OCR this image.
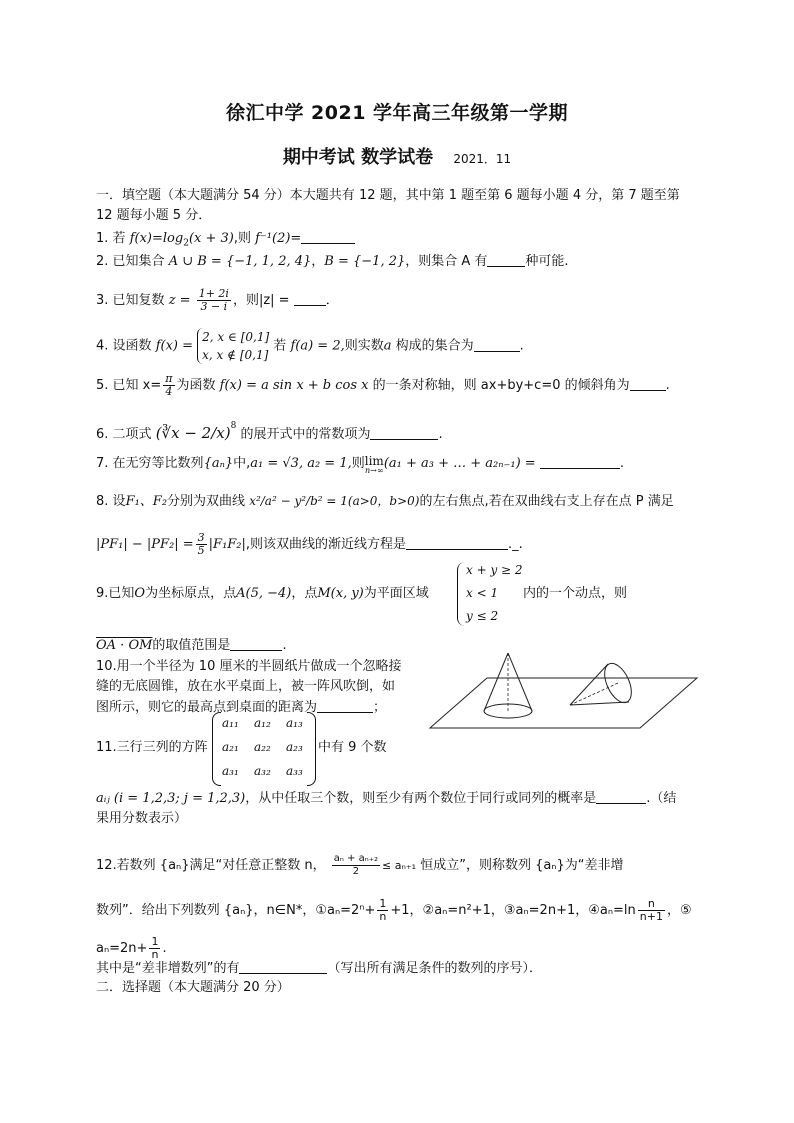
徐汇中学 2021 学年高三年级第一学期
期中考试 数学试卷 2021．11
一．填空题（本大题满分 54 分）本大题共有 12 题，其中第 1 题至第 6 题每小题 4 分，第 7 题至第
12 题每小题 5 分．
1. 若 $f(x)=\log_2(x + 3)$,则 f⁻¹(2)=
2. 已知集合 A ∪ B = {−1, 1, 2, 4}，B = {−1, 2}，则集合 A 有	种可能.
3. 已知复数 $z = \frac{1+ 2i}{3 - i}$ ，则|z| =	．
4. 设函数 f(x) =
2, x ∈ [0,1]
x, x ∉ [0,1]
若 f(a) = 2,则实数a 构成的集合为	.
5. 已知 $x= \frac{\pi}{4}$ 为函数 f(x) = a sin x + b cos x 的一条对称轴，则 ax+by+c=0 的倾斜角为	.
6. 二项式 (∛x − 2/x)$^8$ 的展开式中的常数项为	.
7. 在无穷等比数列{aₙ}中,a₁ = √3, a₂ = 1,则 lim
n→∞ (a₁ + a₃ + … + a₂ₙ₋₁) =	.
8. 设F₁、F₂分别为双曲线 x²/a² − y²/b² = 1(a>0，b>0)的左右焦点,若在双曲线右支上存在点 P 满足
$|PF_1| - |PF_2| = \frac{3}{5} |F_1F_2|$,则该双曲线的渐近线方程是	._.
9.已知O为坐标原点，点A(5, −4)，点M(x, y)为平面区域
x + y ≥ 2
x < 1
y ≤ 2
内的一个动点，则
OA · OM的取值范围是	.
10.用一个半径为 10 厘米的半圆纸片做成一个忽略接
缝的无底圆锥，放在水平桌面上，被一阵风吹倒，如
图所示，则它的最高点到桌面的距离为	；
11.三行三列的方阵
a₁₁ a₁₂ a₁₃
a₂₁ a₂₂ a₂₃
a₃₁ a₃₂ a₃₃
中有 9 个数
aᵢⱼ (i = 1,2,3; j = 1,2,3)，从中任取三个数，则至少有两个数位于同行或同列的概率是	.（结
果用分数表示）
12.若数列 {aₙ}满足“对任意正整数 n， $\frac{\text{aₙ + aₙ₊₂}}{2} \le a_{n+1}$ 恒成立”，则称数列 {aₙ}为“差非增
数列”．给出下列数列 {aₙ}，n∈N*，①aₙ=2ⁿ+ $\frac{1}{n} +1$，②aₙ=n²+1，③aₙ=2n+1，④aₙ=ln $\frac{n}{n+1}$ ，⑤
$a_n=2n+ \frac{1}{n}$ .
其中是“差非增数列”的有	（写出所有满足条件的数列的序号）．
二．选择题（本大题满分 20 分）
